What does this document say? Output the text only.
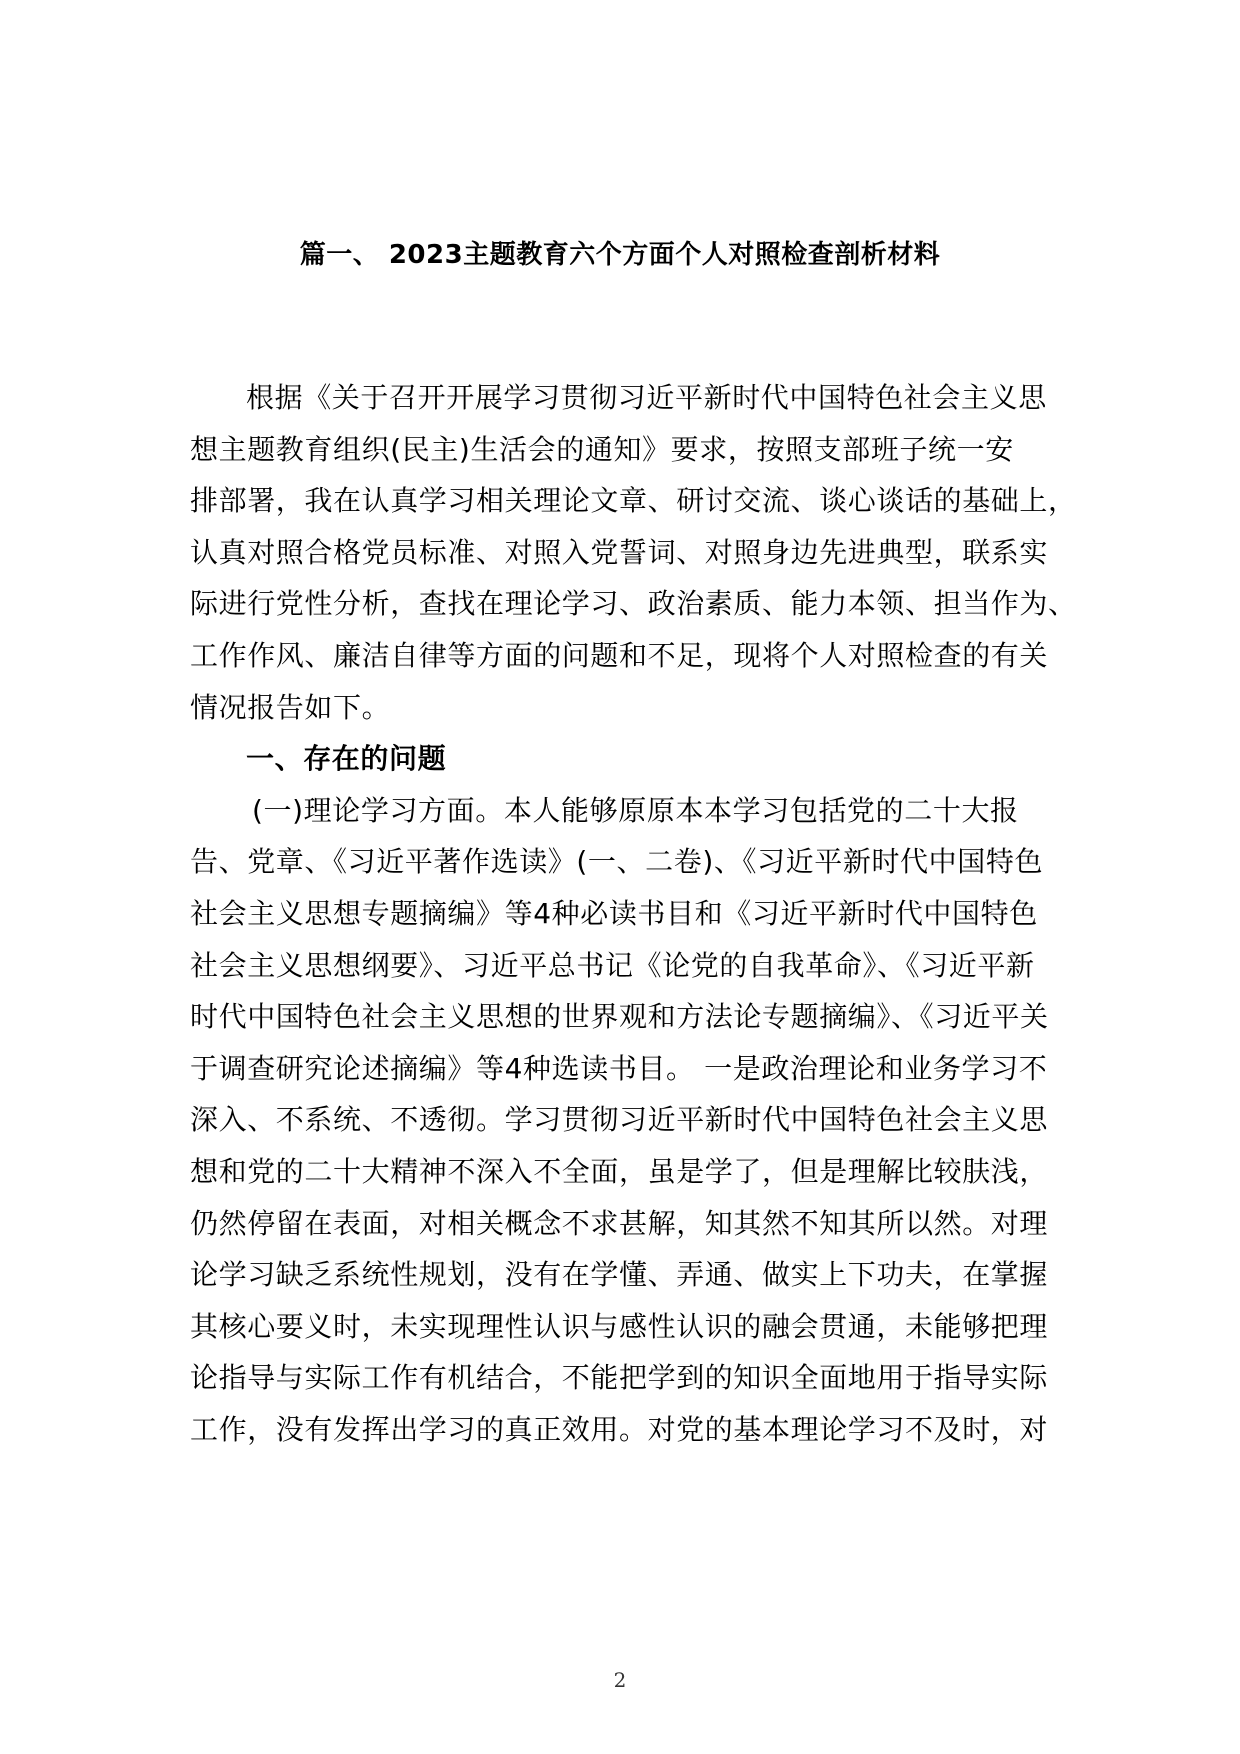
篇一、 2023主题教育六个方面个人对照检查剖析材料
根据《关于召开开展学习贯彻习近平新时代中国特色社会主义思
想主题教育组织(民主)生活会的通知》要求，按照支部班子统一安
排部署，我在认真学习相关理论文章、研讨交流、谈心谈话的基础上，
认真对照合格党员标准、对照入党誓词、对照身边先进典型，联系实
际进行党性分析，查找在理论学习、政治素质、能力本领、担当作为、
工作作风、廉洁自律等方面的问题和不足，现将个人对照检查的有关
情况报告如下。
一、存在的问题
(一)理论学习方面。本人能够原原本本学习包括党的二十大报
告、党章、《习近平著作选读》(一、二卷)、《习近平新时代中国特色
社会主义思想专题摘编》等4种必读书目和《习近平新时代中国特色
社会主义思想纲要》、习近平总书记《论党的自我革命》、《习近平新
时代中国特色社会主义思想的世界观和方法论专题摘编》、《习近平关
于调查研究论述摘编》等4种选读书目。 一是政治理论和业务学习不
深入、不系统、不透彻。学习贯彻习近平新时代中国特色社会主义思
想和党的二十大精神不深入不全面，虽是学了，但是理解比较肤浅，
仍然停留在表面，对相关概念不求甚解，知其然不知其所以然。对理
论学习缺乏系统性规划，没有在学懂、弄通、做实上下功夫，在掌握
其核心要义时，未实现理性认识与感性认识的融会贯通，未能够把理
论指导与实际工作有机结合，不能把学到的知识全面地用于指导实际
工作，没有发挥出学习的真正效用。对党的基本理论学习不及时，对
2
